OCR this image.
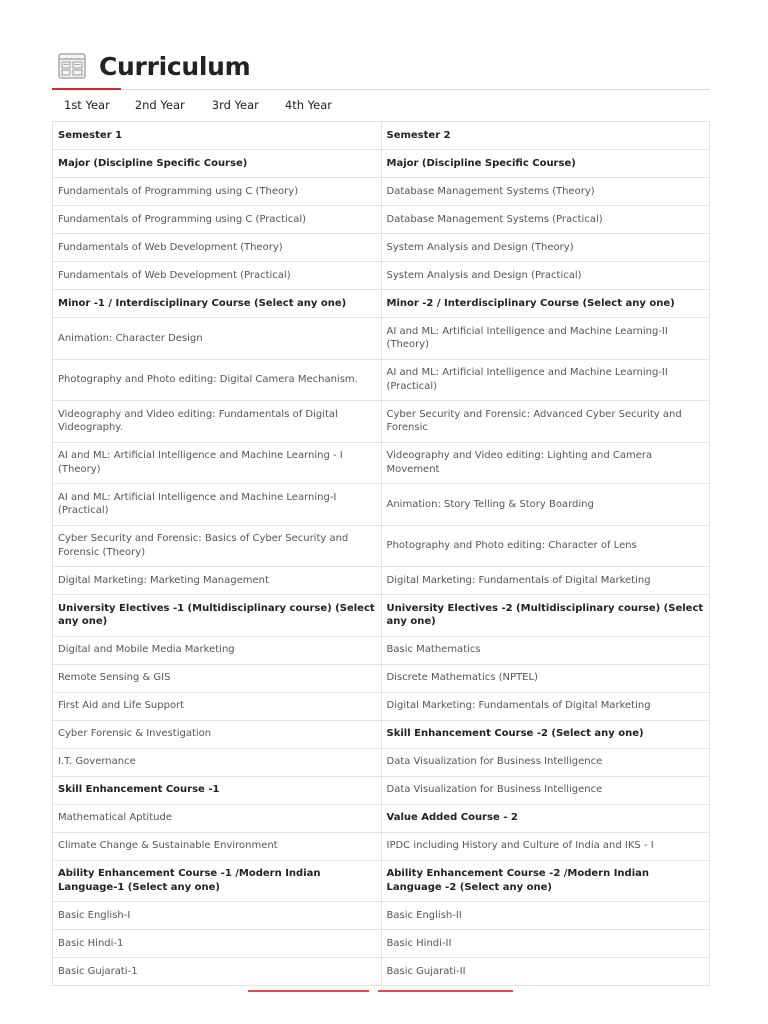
Curriculum
1st Year 2nd Year 3rd Year 4th Year
Semester 1	Semester 2
Major (Discipline Specific Course)	Major (Discipline Specific Course)
Fundamentals of Programming using C (Theory)	Database Management Systems (Theory)
Fundamentals of Programming using C (Practical)	Database Management Systems (Practical)
Fundamentals of Web Development (Theory)	System Analysis and Design (Theory)
Fundamentals of Web Development (Practical)	System Analysis and Design (Practical)
Minor -1 / Interdisciplinary Course (Select any one)	Minor -2 / Interdisciplinary Course (Select any one)
Animation: Character Design	AI and ML: Artificial Intelligence and Machine Learning-II (Theory)
Photography and Photo editing: Digital Camera Mechanism.	AI and ML: Artificial Intelligence and Machine Learning-II (Practical)
Videography and Video editing: Fundamentals of Digital Videography.	Cyber Security and Forensic: Advanced Cyber Security and Forensic
AI and ML: Artificial Intelligence and Machine Learning - I (Theory)	Videography and Video editing: Lighting and Camera Movement
AI and ML: Artificial Intelligence and Machine Learning-I (Practical)	Animation: Story Telling & Story Boarding
Cyber Security and Forensic: Basics of Cyber Security and Forensic (Theory)	Photography and Photo editing: Character of Lens
Digital Marketing: Marketing Management	Digital Marketing: Fundamentals of Digital Marketing
University Electives -1 (Multidisciplinary course) (Select any one)	University Electives -2 (Multidisciplinary course) (Select any one)
Digital and Mobile Media Marketing	Basic Mathematics
Remote Sensing & GIS	Discrete Mathematics (NPTEL)
First Aid and Life Support	Digital Marketing: Fundamentals of Digital Marketing
Cyber Forensic & Investigation	Skill Enhancement Course -2 (Select any one)
I.T. Governance	Data Visualization for Business Intelligence
Skill Enhancement Course -1	Data Visualization for Business Intelligence
Mathematical Aptitude	Value Added Course - 2
Climate Change & Sustainable Environment	IPDC including History and Culture of India and IKS - I
Ability Enhancement Course -1 /Modern Indian Language-1 (Select any one)	Ability Enhancement Course -2 /Modern Indian Language -2 (Select any one)
Basic English-I	Basic English-II
Basic Hindi-1	Basic Hindi-II
Basic Gujarati-1	Basic Gujarati-II
